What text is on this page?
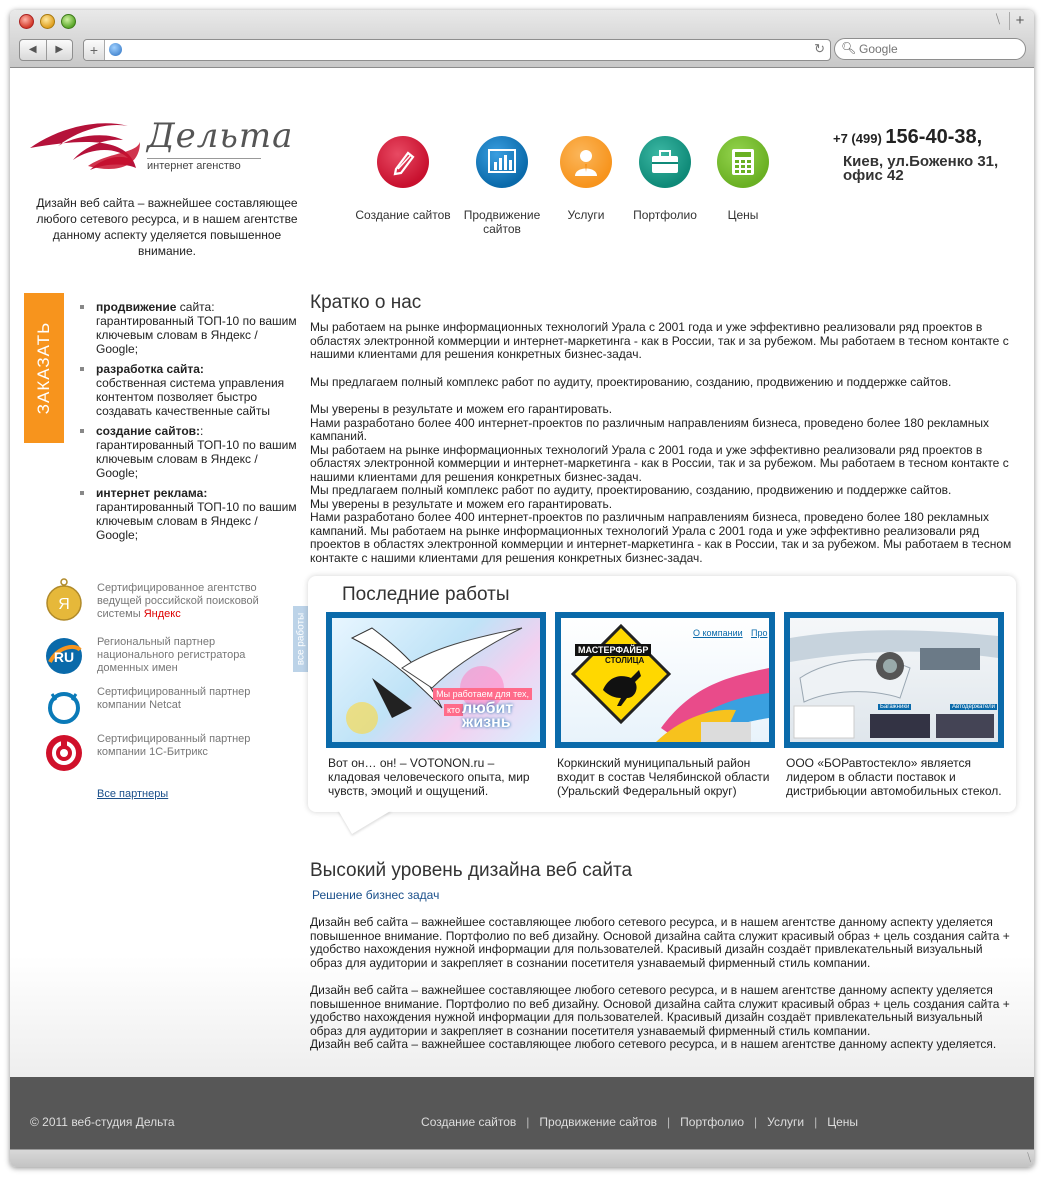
⧹	+
◀	▶	+	↻ 🔍︎
Google
Дельта
интернет агенство
Дизайн веб сайта – важнейшее составляющее любого сетевого ресурса, и в нашем агентстве данному аспекту уделяется повышенное внимание.
Создание сайтов	Продвижение сайтов
Услуги	Портфолио	Цены
+7 (499) 156-40-38,
Киев, ул.Боженко 31, офис 42
ЗАКАЗАТЬ
продвижение сайта:
гарантированный ТОП-10 по вашим ключевым словам в Яндекс / Google;
разработка сайта:
собственная система управления контентом позволяет быстро создавать качественные сайты
создание сайтов::
гарантированный ТОП-10 по вашим ключевым словам в Яндекс / Google;
интернет реклама:
гарантированный ТОП-10 по вашим ключевым словам в Яндекс / Google;
Я
Сертифицированное агентство ведущей российской поисковой системы Яндекс
RU
Региональный партнер национального регистратора доменных имен
Сертифицированный партнер компании Netcat
Сертифицированный партнер компании 1С-Битрикс
Все партнеры
Кратко о нас

Мы работаем на рынке информационных технологий Урала с 2001 года и уже эффективно реализовали ряд проектов в областях электронной коммерции и интернет-маркетинга - как в России, так и за рубежом. Мы работаем в тесном контакте с нашими клиентами для решения конкретных бизнес-задач.

Мы предлагаем полный комплекс работ по аудиту, проектированию, созданию, продвижению и поддержке сайтов.

Мы уверены в результате и можем его гарантировать.
Нами разработано более 400 интернет-проектов по различным направлениям бизнеса, проведено более 180 рекламных кампаний.
Мы работаем на рынке информационных технологий Урала с 2001 года и уже эффективно реализовали ряд проектов в областях электронной коммерции и интернет-маркетинга - как в России, так и за рубежом. Мы работаем в тесном контакте с нашими клиентами для решения конкретных бизнес-задач.
Мы предлагаем полный комплекс работ по аудиту, проектированию, созданию, продвижению и поддержке сайтов.
Мы уверены в результате и можем его гарантировать.
Нами разработано более 400 интернет-проектов по различным направлениям бизнеса, проведено более 180 рекламных кампаний. Мы работаем на рынке информационных технологий Урала с 2001 года и уже эффективно реализовали ряд проектов в областях электронной коммерции и интернет-маркетинга - как в России, так и за рубежом. Мы работаем в тесном контакте с нашими клиентами для решения конкретных бизнес-задач.

все работы
Последние работы
Мы работаем для тех,
кто любит жизнь
Вот он… он! – VOTONON.ru – кладовая человеческого опыта, мир чувств, эмоций и ощущений.
МАСТЕРФАЙБР
СТОЛИЦА
О компании Про
Коркинский муниципальный район входит в состав Челябинской области (Уральский Федеральный округ)
Багажники	Автодержатели
ООО «БОРавтостекло» является лидером в области поставок и дистрибьюции автомобильных стекол.
Высокий уровень дизайна веб сайта
Решение бизнес задач

Дизайн веб сайта – важнейшее составляющее любого сетевого ресурса, и в нашем агентстве данному аспекту уделяется повышенное внимание. Портфолио по веб дизайну. Основой дизайна сайта служит красивый образ + цель создания сайта + удобство нахождения нужной информации для пользователей. Красивый дизайн создаёт привлекательный визуальный образ для аудитории и закрепляет в сознании посетителя узнаваемый фирменный стиль компании.

Дизайн веб сайта – важнейшее составляющее любого сетевого ресурса, и в нашем агентстве данному аспекту уделяется повышенное внимание. Портфолио по веб дизайну. Основой дизайна сайта служит красивый образ + цель создания сайта + удобство нахождения нужной информации для пользователей. Красивый дизайн создаёт привлекательный визуальный образ для аудитории и закрепляет в сознании посетителя узнаваемый фирменный стиль компании.
Дизайн веб сайта – важнейшее составляющее любого сетевого ресурса, и в нашем агентстве данному аспекту уделяется.

© 2011 веб-студия Дельта	Создание сайтов | Продвижение сайтов | Портфолио | Услуги | Цены
⧹
